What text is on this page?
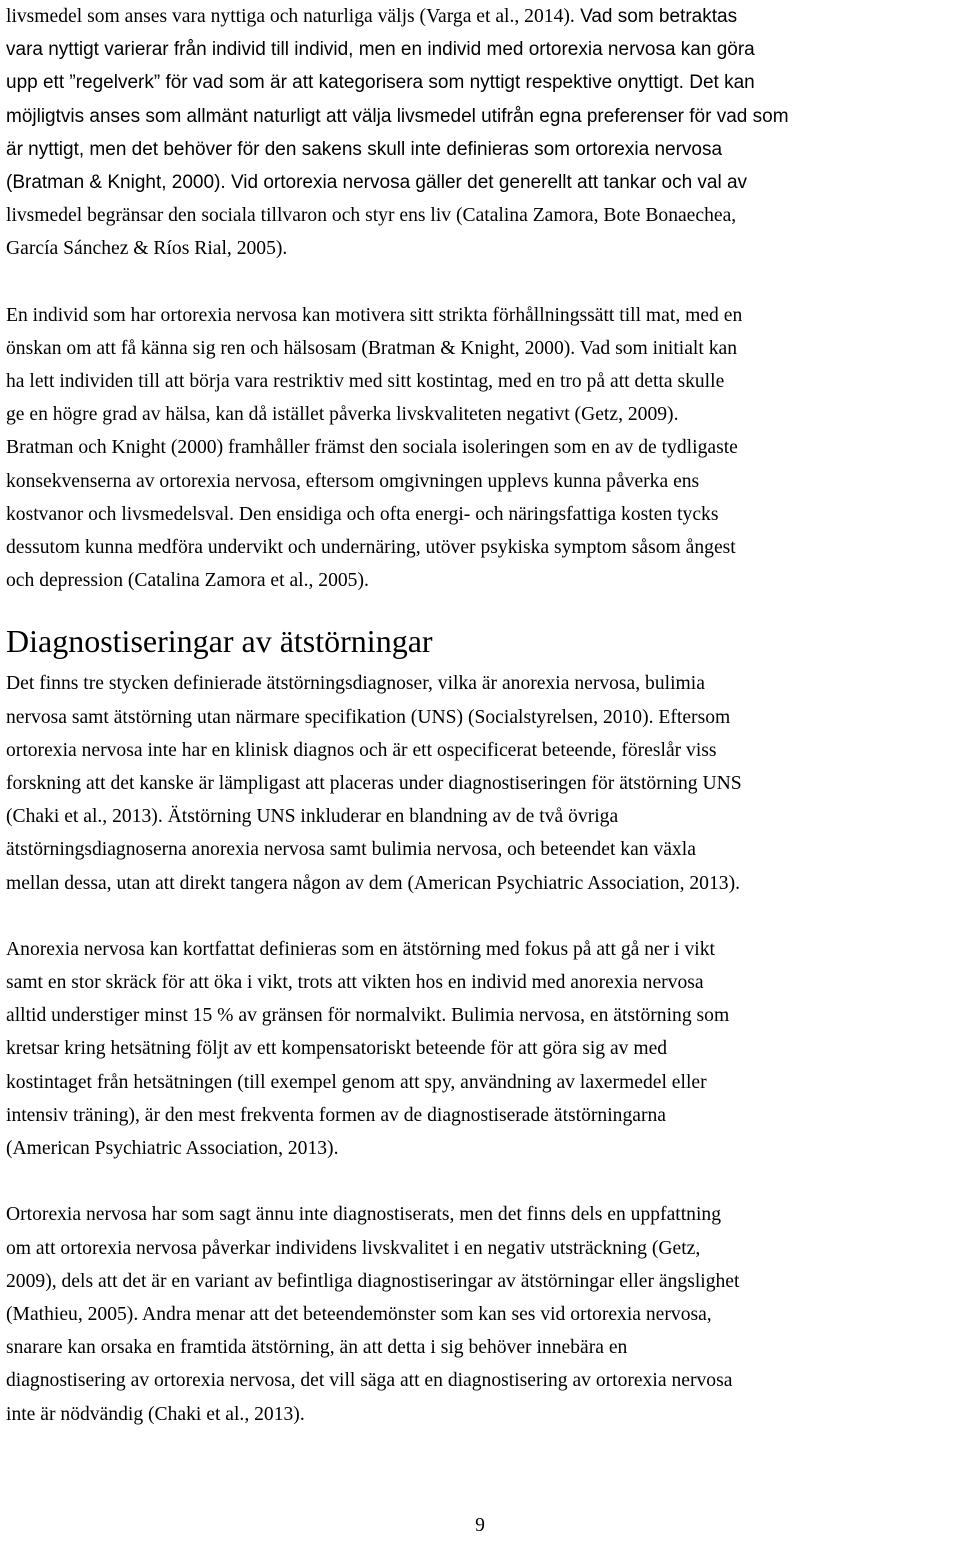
livsmedel som anses vara nyttiga och naturliga väljs (Varga et al., 2014). Vad som betraktas
vara nyttigt varierar från individ till individ, men en individ med ortorexia nervosa kan göra
upp ett ”regelverk” för vad som är att kategorisera som nyttigt respektive onyttigt. Det kan
möjligtvis anses som allmänt naturligt att välja livsmedel utifrån egna preferenser för vad som
är nyttigt, men det behöver för den sakens skull inte definieras som ortorexia nervosa
(Bratman & Knight, 2000). Vid ortorexia nervosa gäller det generellt att tankar och val av
livsmedel begränsar den sociala tillvaron och styr ens liv (Catalina Zamora, Bote Bonaechea,
García Sánchez & Ríos Rial, 2005).
En individ som har ortorexia nervosa kan motivera sitt strikta förhållningssätt till mat, med en
önskan om att få känna sig ren och hälsosam (Bratman & Knight, 2000). Vad som initialt kan
ha lett individen till att börja vara restriktiv med sitt kostintag, med en tro på att detta skulle
ge en högre grad av hälsa, kan då istället påverka livskvaliteten negativt (Getz, 2009).
Bratman och Knight (2000) framhåller främst den sociala isoleringen som en av de tydligaste
konsekvenserna av ortorexia nervosa, eftersom omgivningen upplevs kunna påverka ens
kostvanor och livsmedelsval. Den ensidiga och ofta energi- och näringsfattiga kosten tycks
dessutom kunna medföra undervikt och undernäring, utöver psykiska symptom såsom ångest
och depression (Catalina Zamora et al., 2005).
Diagnostiseringar av ätstörningar
Det finns tre stycken definierade ätstörningsdiagnoser, vilka är anorexia nervosa, bulimia
nervosa samt ätstörning utan närmare specifikation (UNS) (Socialstyrelsen, 2010). Eftersom
ortorexia nervosa inte har en klinisk diagnos och är ett ospecificerat beteende, föreslår viss
forskning att det kanske är lämpligast att placeras under diagnostiseringen för ätstörning UNS
(Chaki et al., 2013). Ätstörning UNS inkluderar en blandning av de två övriga
ätstörningsdiagnoserna anorexia nervosa samt bulimia nervosa, och beteendet kan växla
mellan dessa, utan att direkt tangera någon av dem (American Psychiatric Association, 2013).
Anorexia nervosa kan kortfattat definieras som en ätstörning med fokus på att gå ner i vikt
samt en stor skräck för att öka i vikt, trots att vikten hos en individ med anorexia nervosa
alltid understiger minst 15 % av gränsen för normalvikt. Bulimia nervosa, en ätstörning som
kretsar kring hetsätning följt av ett kompensatoriskt beteende för att göra sig av med
kostintaget från hetsätningen (till exempel genom att spy, användning av laxermedel eller
intensiv träning), är den mest frekventa formen av de diagnostiserade ätstörningarna
(American Psychiatric Association, 2013).
Ortorexia nervosa har som sagt ännu inte diagnostiserats, men det finns dels en uppfattning
om att ortorexia nervosa påverkar individens livskvalitet i en negativ utsträckning (Getz,
2009), dels att det är en variant av befintliga diagnostiseringar av ätstörningar eller ängslighet
(Mathieu, 2005). Andra menar att det beteendemönster som kan ses vid ortorexia nervosa,
snarare kan orsaka en framtida ätstörning, än att detta i sig behöver innebära en
diagnostisering av ortorexia nervosa, det vill säga att en diagnostisering av ortorexia nervosa
inte är nödvändig (Chaki et al., 2013).
9
